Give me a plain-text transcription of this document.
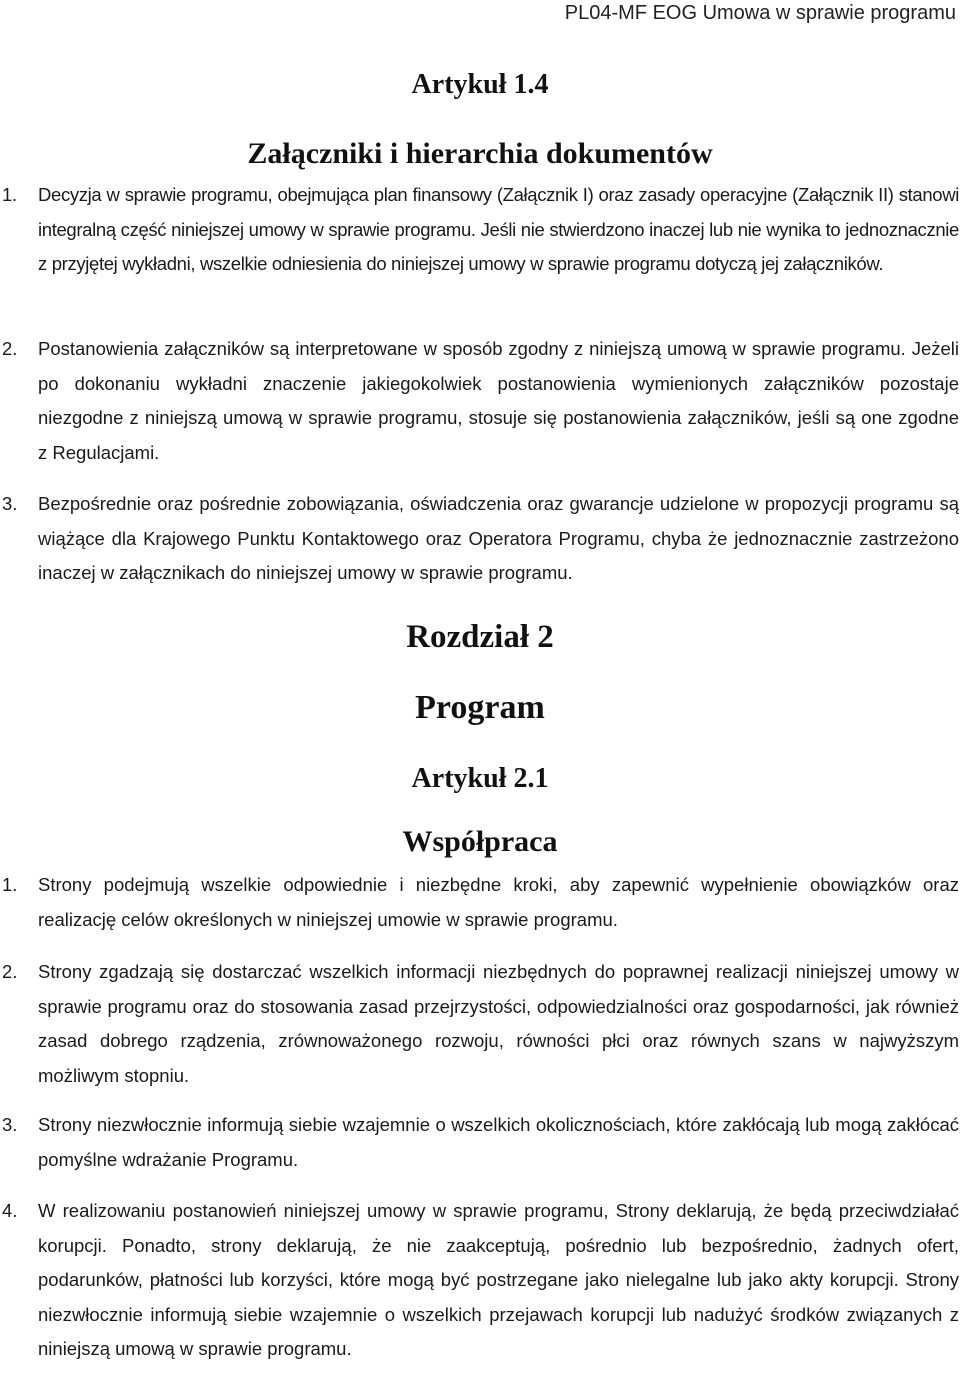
PL04-MF EOG Umowa w sprawie programu
Artykuł 1.4
Załączniki i hierarchia dokumentów
1. Decyzja w sprawie programu, obejmująca plan finansowy (Załącznik I) oraz zasady operacyjne (Załącznik II) stanowi integralną część niniejszej umowy w sprawie programu. Jeśli nie stwierdzono inaczej lub nie wynika to jednoznacznie z przyjętej wykładni, wszelkie odniesienia do niniejszej umowy w sprawie programu dotyczą jej załączników.
2. Postanowienia załączników są interpretowane w sposób zgodny z niniejszą umową w sprawie programu. Jeżeli po dokonaniu wykładni znaczenie jakiegokolwiek postanowienia wymienionych załączników pozostaje niezgodne z niniejszą umową w sprawie programu, stosuje się postanowienia załączników, jeśli są one zgodne z Regulacjami.
3. Bezpośrednie oraz pośrednie zobowiązania, oświadczenia oraz gwarancje udzielone w propozycji programu są wiążące dla Krajowego Punktu Kontaktowego oraz Operatora Programu, chyba że jednoznacznie zastrzeżono inaczej w załącznikach do niniejszej umowy w sprawie programu.
Rozdział 2
Program
Artykuł 2.1
Współpraca
1. Strony podejmują wszelkie odpowiednie i niezbędne kroki, aby zapewnić wypełnienie obowiązków oraz realizację celów określonych w niniejszej umowie w sprawie programu.
2. Strony zgadzają się dostarczać wszelkich informacji niezbędnych do poprawnej realizacji niniejszej umowy w sprawie programu oraz do stosowania zasad przejrzystości, odpowiedzialności oraz gospodarności, jak również zasad dobrego rządzenia, zrównoważonego rozwoju, równości płci oraz równych szans w najwyższym możliwym stopniu.
3. Strony niezwłocznie informują siebie wzajemnie o wszelkich okolicznościach, które zakłócają lub mogą zakłócać pomyślne wdrażanie Programu.
4. W realizowaniu postanowień niniejszej umowy w sprawie programu, Strony deklarują, że będą przeciwdziałać korupcji. Ponadto, strony deklarują, że nie zaakceptują, pośrednio lub bezpośrednio, żadnych ofert, podarunków, płatności lub korzyści, które mogą być postrzegane jako nielegalne lub jako akty korupcji. Strony niezwłocznie informują siebie wzajemnie o wszelkich przejawach korupcji lub nadużyć środków związanych z niniejszą umową w sprawie programu.
